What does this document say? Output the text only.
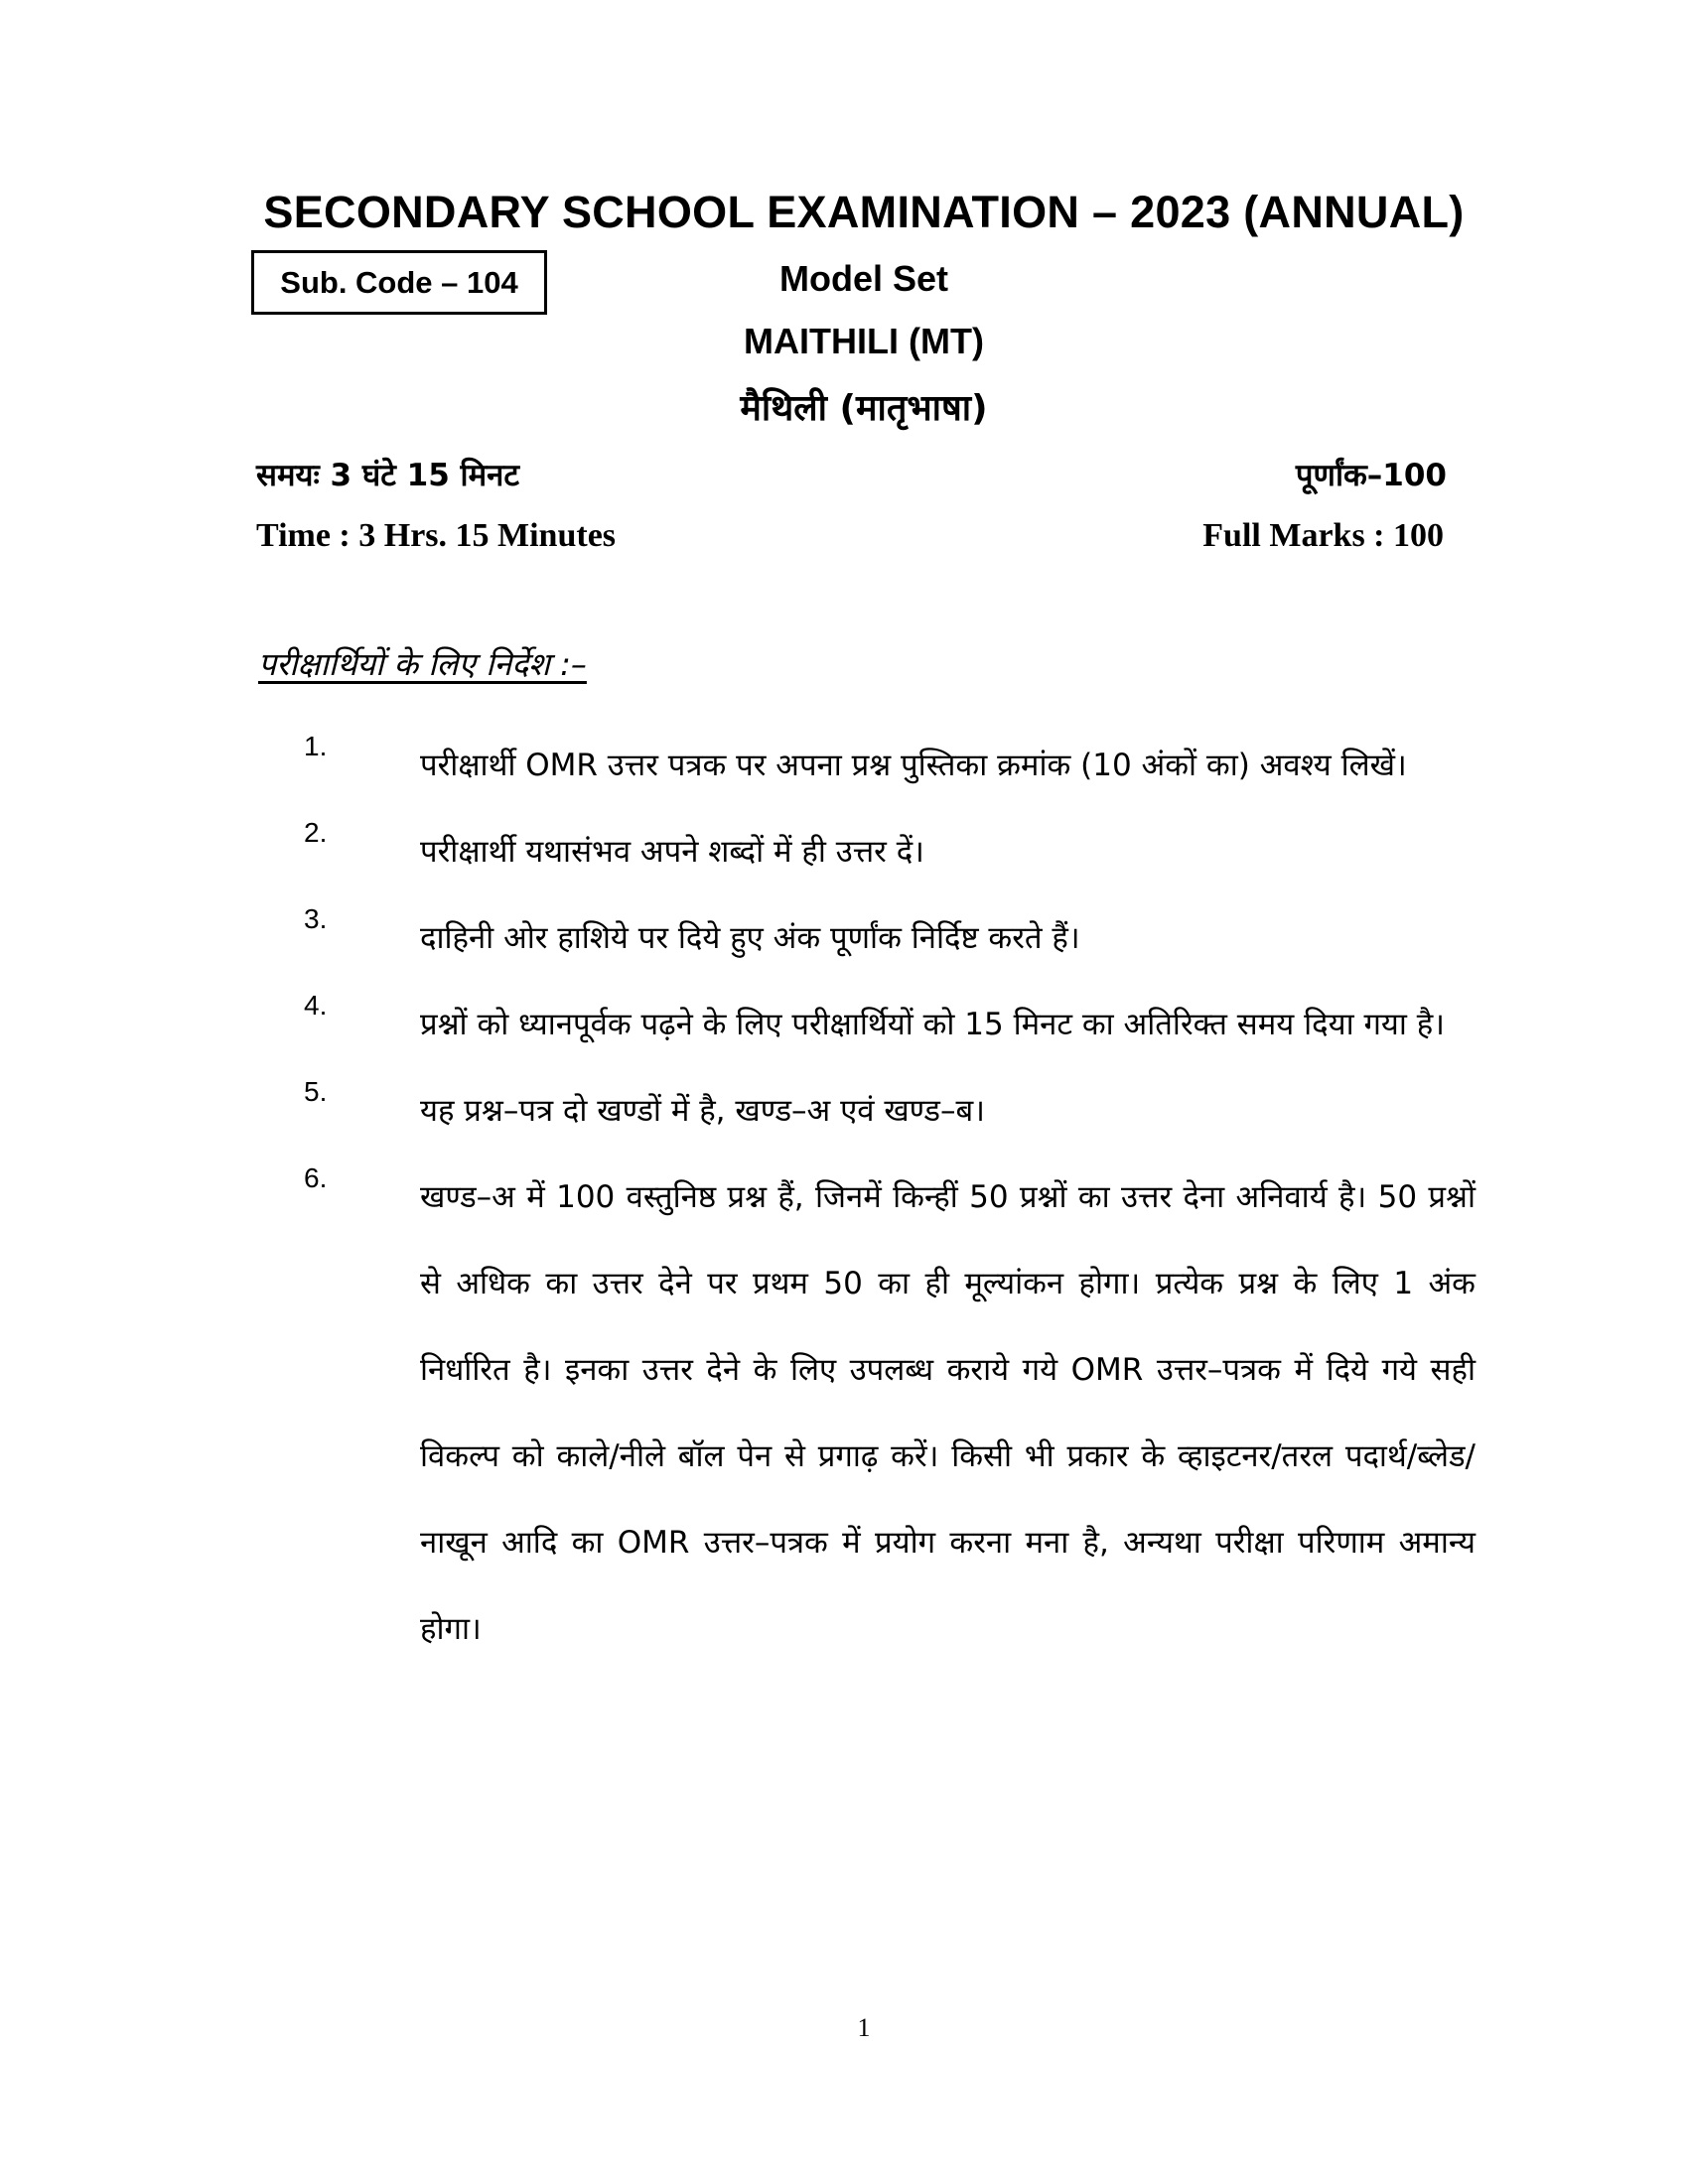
SECONDARY SCHOOL EXAMINATION – 2023 (ANNUAL)
Sub. Code – 104	Model Set
MAITHILI (MT)
मैथिली (मातृभाषा)
समयः 3 घंटे 15 मिनट	पूर्णांक–100
Time : 3 Hrs. 15 Minutes	Full Marks : 100
परीक्षार्थियों के लिए निर्देश :–
1.
परीक्षार्थी OMR उत्तर पत्रक पर अपना प्रश्न पुस्तिका क्रमांक (10 अंकों का) अवश्य लिखें।
2.
परीक्षार्थी यथासंभव अपने शब्दों में ही उत्तर दें।
3.
दाहिनी ओर हाशिये पर दिये हुए अंक पूर्णांक निर्दिष्ट करते हैं।
4.
प्रश्नों को ध्यानपूर्वक पढ़ने के लिए परीक्षार्थियों को 15 मिनट का अतिरिक्त समय दिया गया है।
5.
यह प्रश्न–पत्र दो खण्डों में है, खण्ड–अ एवं खण्ड–ब।
6.
खण्ड–अ में 100 वस्तुनिष्ठ प्रश्न हैं, जिनमें किन्हीं 50 प्रश्नों का उत्तर देना अनिवार्य है। 50 प्रश्नों से अधिक का उत्तर देने पर प्रथम 50 का ही मूल्यांकन होगा। प्रत्येक प्रश्न के लिए 1 अंक निर्धारित है। इनका उत्तर देने के लिए उपलब्ध कराये गये OMR उत्तर–पत्रक में दिये गये सही विकल्प को काले/नीले बॉल पेन से प्रगाढ़ करें। किसी भी प्रकार के व्हाइटनर/तरल पदार्थ/ब्लेड/नाखून आदि का OMR उत्तर–पत्रक में प्रयोग करना मना है, अन्यथा परीक्षा परिणाम अमान्य होगा।
1
